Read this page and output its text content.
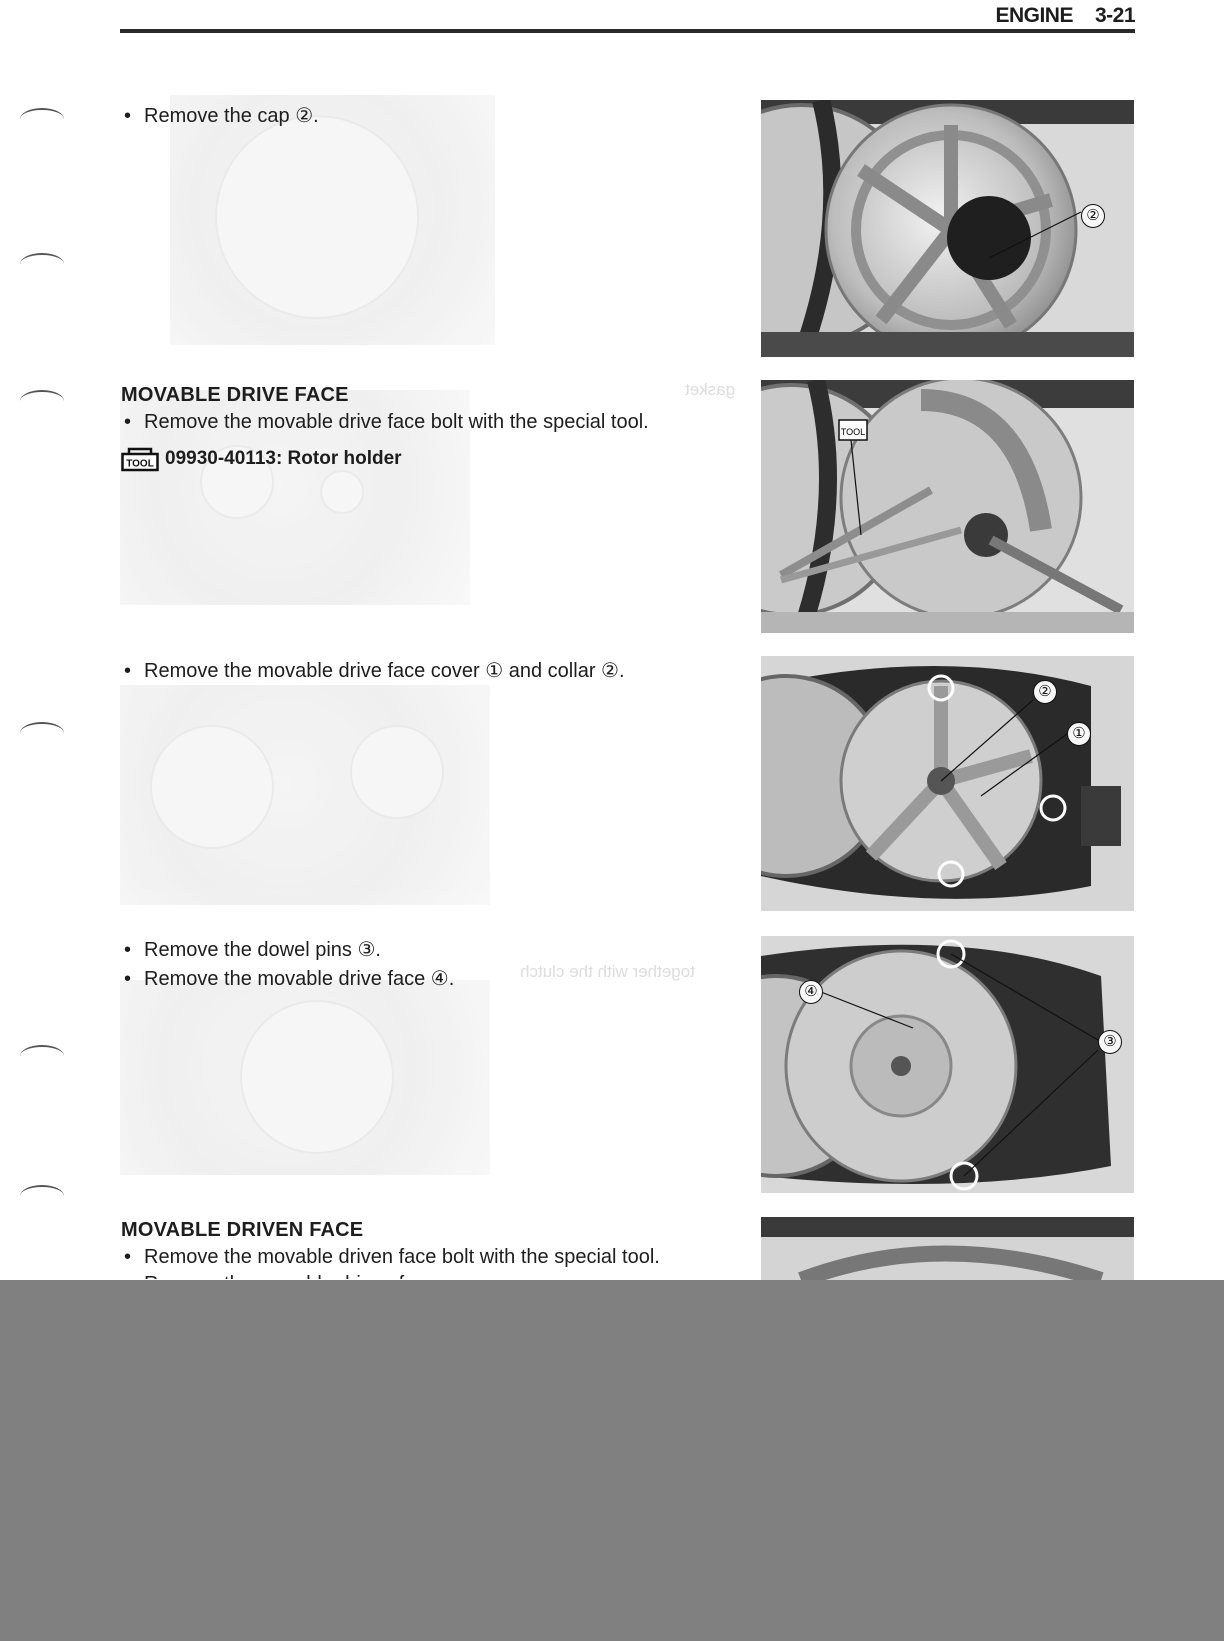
ENGINE 3-21
gasket
together with the clutch
• Remove the cap ②.
MOVABLE DRIVE FACE
• Remove the movable drive face bolt with the special tool.
TOOL 09930-40113: Rotor holder
• Remove the movable drive face cover ① and collar ②.
• Remove the dowel pins ③.
• Remove the movable drive face ④.
MOVABLE DRIVEN FACE
• Remove the movable driven face bolt with the special tool.
②
TOOL
②
①
④
③
